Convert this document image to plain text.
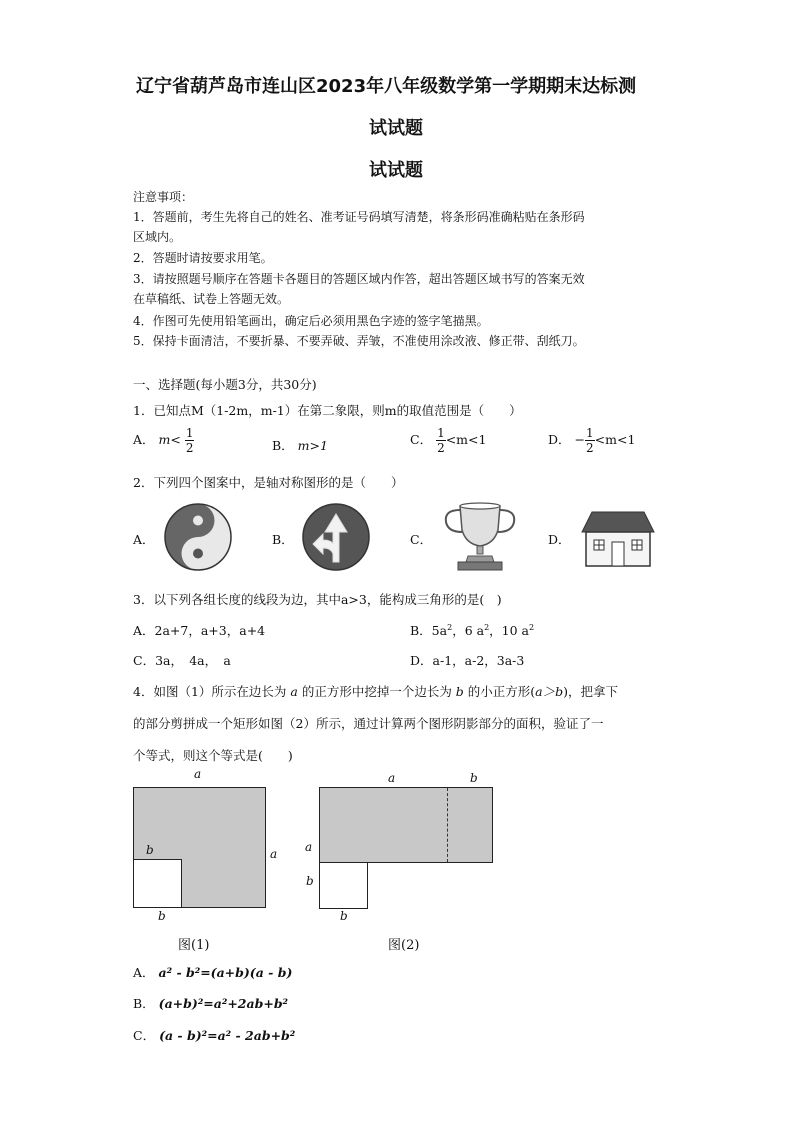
辽宁省葫芦岛市连山区2023年八年级数学第一学期期末达标测
试试题
试试题
注意事项：
1．答题前，考生先将自己的姓名、准考证号码填写清楚，将条形码准确粘贴在条形码
区域内。
2．答题时请按要求用笔。
3．请按照题号顺序在答题卡各题目的答题区域内作答，超出答题区域书写的答案无效
在草稿纸、试卷上答题无效。
4．作图可先使用铅笔画出，确定后必须用黑色字迹的签字笔描黑。
5．保持卡面清洁，不要折暴、不要弄破、弄皱，不准使用涂改液、修正带、刮纸刀。
一、选择题(每小题3分，共30分)
1．已知点M（1-2m，m-1）在第二象限，则m的取值范围是（　　）
A． $m< \frac{1}{2}$	B． m>1	C． $\frac{1}{2} <m<1$	D． − $\frac{1}{2} <m<1$
2．下列四个图案中，是轴对称图形的是（　　）
A．	B．	C．	D．
3．以下列各组长度的线段为边，其中a>3，能构成三角形的是(　)
A．2a+7，a+3，a+4	B．$5a^2$，6 $a^2$，10 $a^2$
C．3a，　4a，　a	D．a-1，a-2，3a-3
4．如图（1）所示在边长为 a 的正方形中挖掉一个边长为 b 的小正方形(a＞b)，把拿下
的部分剪拼成一个矩形如图（2）所示，通过计算两个图形阴影部分的面积，验证了一
个等式，则这个等式是(　　)
a
a
b
b
图(1)
a	b
a
b
b
图(2)
A． a² - b²=(a+b)(a - b)
B． (a+b)²=a²+2ab+b²
C． (a - b)²=a² - 2ab+b²
